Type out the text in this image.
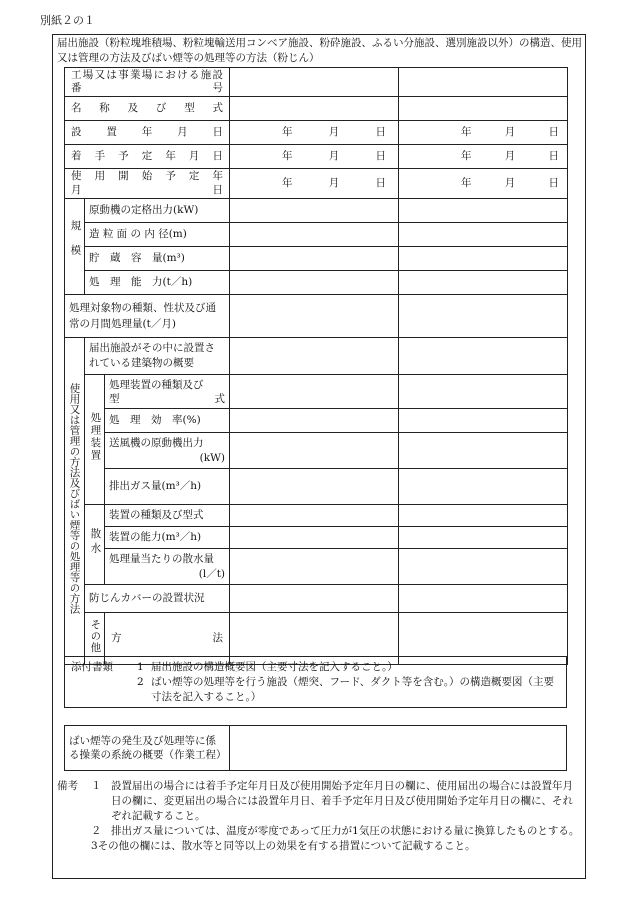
別紙２の１
届出施設（粉粒塊堆積場、粉粒塊輸送用コンベア施設、粉砕施設、ふるい分施設、選別施設以外）の構造、使用又は管理の方法及びばい煙等の処理等の方法（粉じん）
工場又は事業場における施設
番　　　　　　　　　　　号				

名　称　及　び　型　式				

設　　置　　年　　月　　日			年 月 日	年 月 日

着　手　予　定　年　月　日			年 月 日	年 月 日

使　用　開　始　予　定　年　月　日			年 月 日	年 月 日

規模	原動機の定格出力(kW)			
	造 粒 面 の 内 径(m)			
	貯　蔵　容　量(m³)			
	処　理　能　力(t／h)			
処理対象物の種類、性状及び通常の月間処理量(t／月)				
使用又は管理の方法及びばい煙等の処理等の方法	届出施設がその中に設置されている建築物の概要			
	処理装置	処理装置の種類及び
型　　　　　　　式		

		処　理　効　率(%)		

		送風機の原動機出力
(kW)		

		排出ガス量(m³／h)		
	散水	装置の種類及び型式		
		装置の能力(m³／h)		

		処理量当たりの散水量
(l／t)		

	防じんカバーの設置状況			
	その他	方　　　　　　　法		

添付書類	1 届出施設の構造概要図（主要寸法を記入すること。）
2 ばい煙等の処理等を行う施設（煙突、フード、ダクト等を含む。）の構造概要図（主要寸法を記入すること。）
ばい煙等の発生及び処理等に係る操業の系統の概要（作業工程）	
備考	１ 設置届出の場合には着手予定年月日及び使用開始予定年月日の欄に、使用届出の場合には設置年月日の欄に、変更届出の場合には設置年月日、着手予定年月日及び使用開始予定年月日の欄に、それぞれ記載すること。
２ 排出ガス量については、温度が零度であって圧力が1気圧の状態における量に換算したものとする。
3 その他の欄には、散水等と同等以上の効果を有する措置について記載すること。
